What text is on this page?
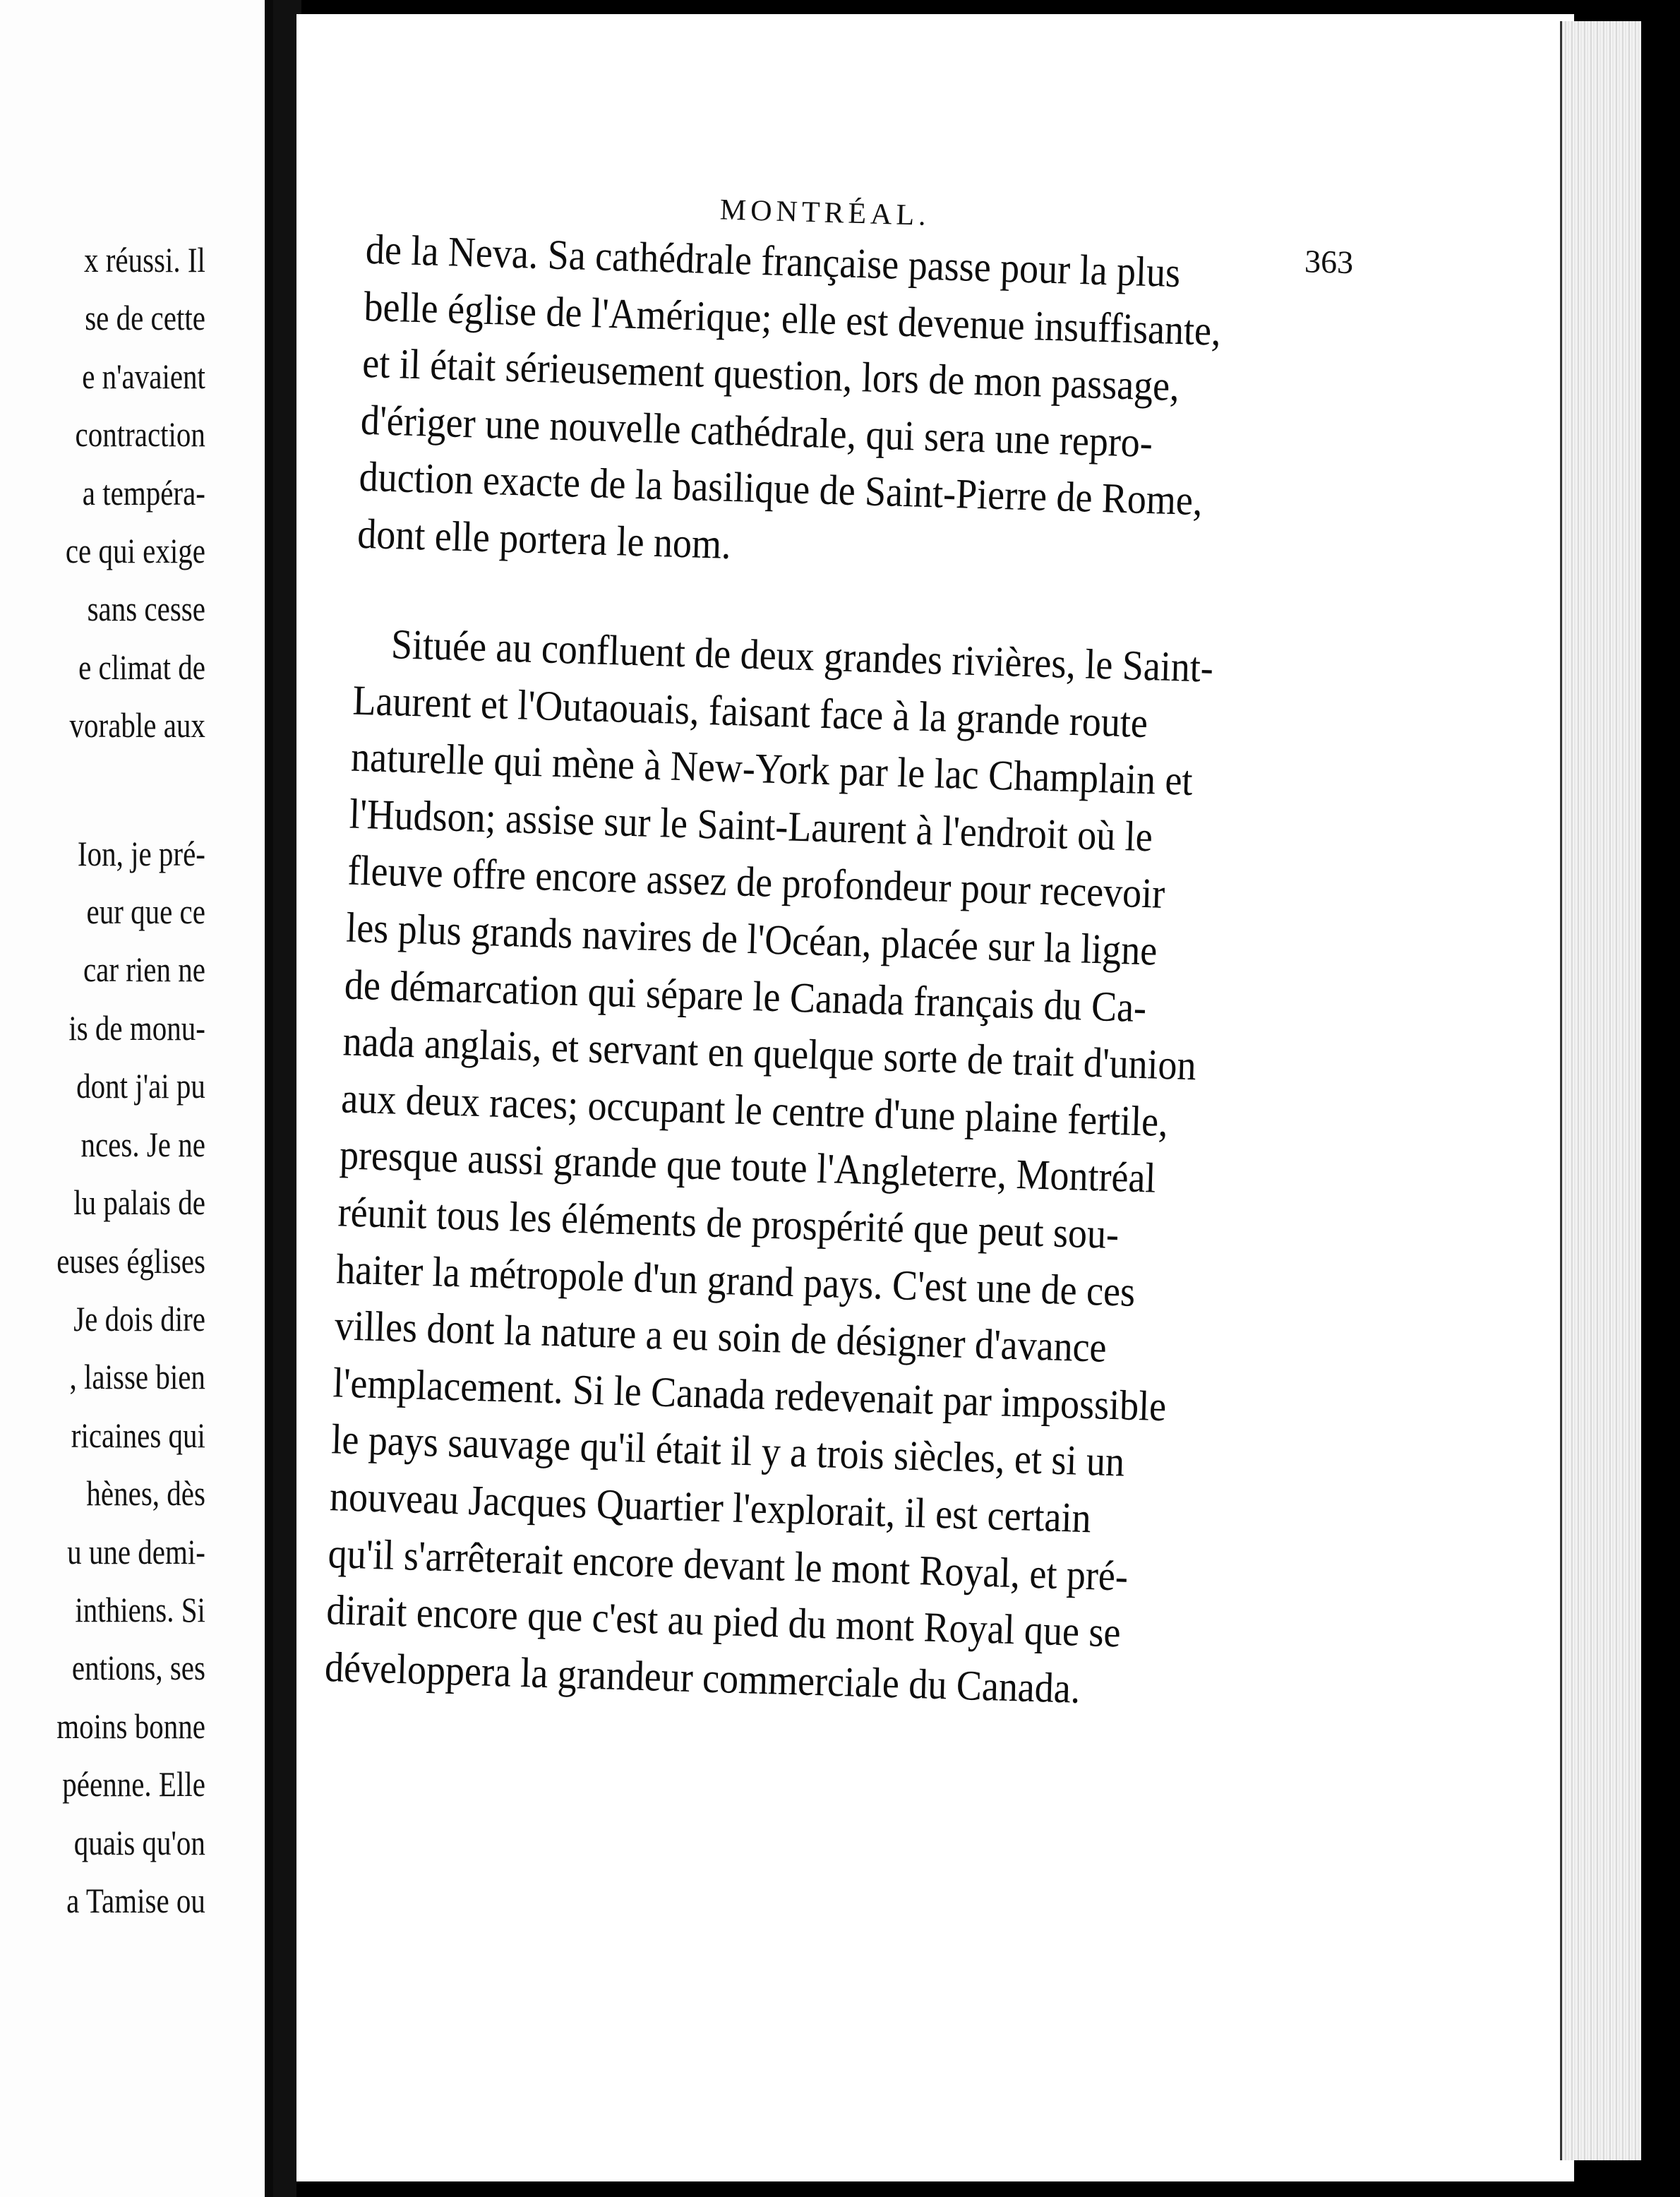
x réussi. Il
se de cette
e n'avaient
contraction
a tempéra-
ce qui exige
sans cesse
e climat de
vorable aux
Ion, je pré-
eur que ce
car rien ne
is de monu-
dont j'ai pu
nces. Je ne
lu palais de
euses églises
Je dois dire
, laisse bien
ricaines qui
hènes, dès
u une demi-
inthiens. Si
entions, ses
moins bonne
péenne. Elle
quais qu'on
a Tamise ou
MONTRÉAL.
363
de la Neva. Sa cathédrale française passe pour la plus
belle église de l'Amérique; elle est devenue insuffisante,
et il était sérieusement question, lors de mon passage,
d'ériger une nouvelle cathédrale, qui sera une repro-
duction exacte de la basilique de Saint-Pierre de Rome,
dont elle portera le nom.
Située au confluent de deux grandes rivières, le Saint-
Laurent et l'Outaouais, faisant face à la grande route
naturelle qui mène à New-York par le lac Champlain et
l'Hudson; assise sur le Saint-Laurent à l'endroit où le
fleuve offre encore assez de profondeur pour recevoir
les plus grands navires de l'Océan, placée sur la ligne
de démarcation qui sépare le Canada français du Ca-
nada anglais, et servant en quelque sorte de trait d'union
aux deux races; occupant le centre d'une plaine fertile,
presque aussi grande que toute l'Angleterre, Montréal
réunit tous les éléments de prospérité que peut sou-
haiter la métropole d'un grand pays. C'est une de ces
villes dont la nature a eu soin de désigner d'avance
l'emplacement. Si le Canada redevenait par impossible
le pays sauvage qu'il était il y a trois siècles, et si un
nouveau Jacques Quartier l'explorait, il est certain
qu'il s'arrêterait encore devant le mont Royal, et pré-
dirait encore que c'est au pied du mont Royal que se
développera la grandeur commerciale du Canada.
